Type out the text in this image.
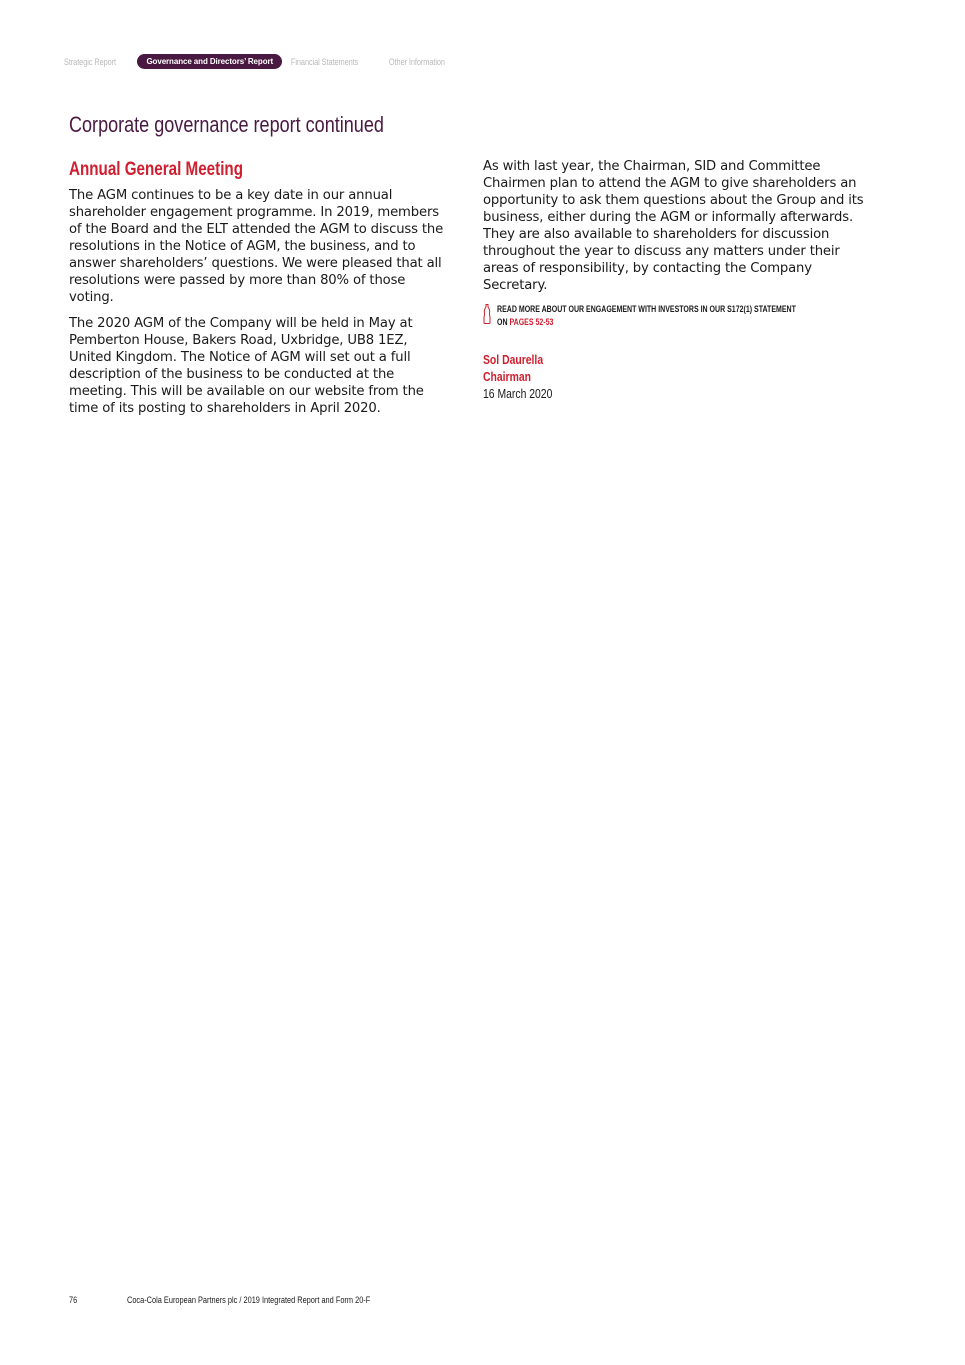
Strategic Report	Governance and Directors’ Report	Financial Statements	Other Information
Corporate governance report continued
Annual General Meeting

The AGM continues to be a key date in our annual shareholder engagement programme. In 2019, members of the Board and the ELT attended the AGM to discuss the resolutions in the Notice of AGM, the business, and to answer shareholders’ questions. We were pleased that all resolutions were passed by more than 80% of those voting.

The 2020 AGM of the Company will be held in May at Pemberton House, Bakers Road, Uxbridge, UB8 1EZ, United Kingdom. The Notice of AGM will set out a full description of the business to be conducted at the meeting. This will be available on our website from the time of its posting to shareholders in April 2020.

As with last year, the Chairman, SID and Committee Chairmen plan to attend the AGM to give shareholders an opportunity to ask them questions about the Group and its business, either during the AGM or informally afterwards. They are also available to shareholders for discussion throughout the year to discuss any matters under their areas of responsibility, by contacting the Company Secretary.

READ MORE ABOUT OUR ENGAGEMENT WITH INVESTORS IN OUR S172(1) STATEMENT
ON PAGES 52-53
Sol Daurella
Chairman
16 March 2020
76	Coca-Cola European Partners plc / 2019 Integrated Report and Form 20-F
